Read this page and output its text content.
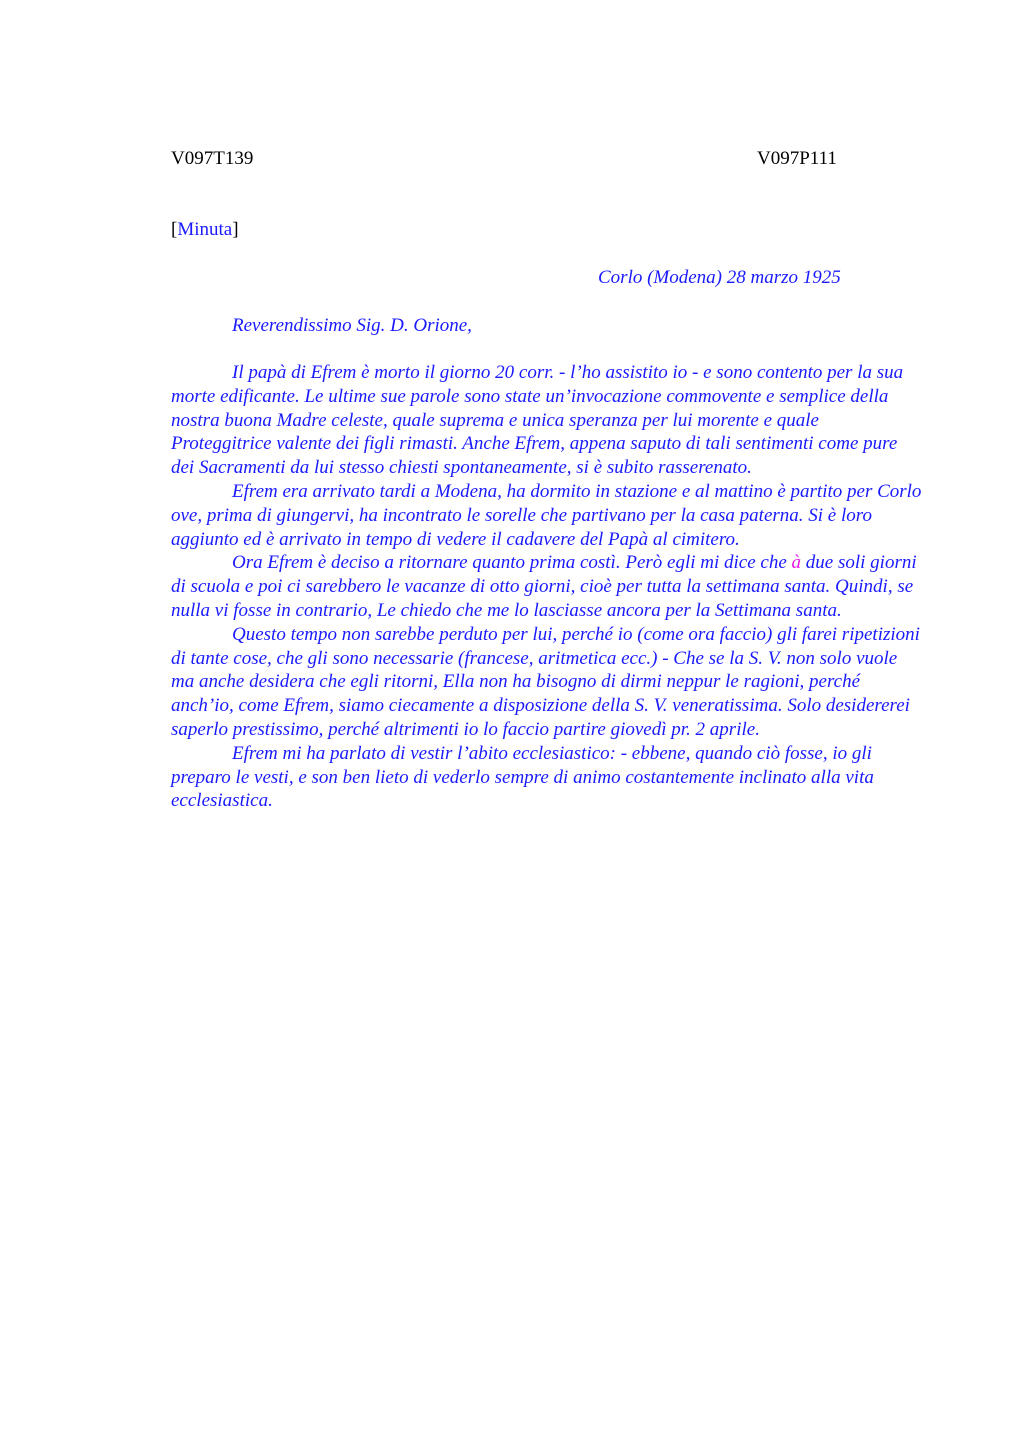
V097T139	V097P111
[Minuta]
Corlo (Modena) 28 marzo 1925
Reverendissimo Sig. D. Orione,

Il papà di Efrem è morto il giorno 20 corr. - l’ho assistito io - e sono contento per la sua morte edificante. Le ultime sue parole sono state un’invocazione commovente e semplice della nostra buona Madre celeste, quale suprema e unica speranza per lui morente e quale Proteggitrice valente dei figli rimasti. Anche Efrem, appena saputo di tali sentimenti come pure dei Sacramenti da lui stesso chiesti spontaneamente, si è subito rasserenato.

Efrem era arrivato tardi a Modena, ha dormito in stazione e al mattino è partito per Corlo ove, prima di giungervi, ha incontrato le sorelle che partivano per la casa paterna. Si è loro aggiunto ed è arrivato in tempo di vedere il cadavere del Papà al cimitero.

Ora Efrem è deciso a ritornare quanto prima costì. Però egli mi dice che à due soli giorni di scuola e poi ci sarebbero le vacanze di otto giorni, cioè per tutta la settimana santa. Quindi, se nulla vi fosse in contrario, Le chiedo che me lo lasciasse ancora per la Settimana santa.

Questo tempo non sarebbe perduto per lui, perché io (come ora faccio) gli farei ripetizioni di tante cose, che gli sono necessarie (francese, aritmetica ecc.) - Che se la S. V. non solo vuole ma anche desidera che egli ritorni, Ella non ha bisogno di dirmi neppur le ragioni, perché anch’io, come Efrem, siamo ciecamente a disposizione della S. V. veneratissima. Solo desidererei saperlo prestissimo, perché altrimenti io lo faccio partire giovedì pr. 2 aprile.

Efrem mi ha parlato di vestir l’abito ecclesiastico: - ebbene, quando ciò fosse, io gli preparo le vesti, e son ben lieto di vederlo sempre di animo costantemente inclinato alla vita ecclesiastica.
